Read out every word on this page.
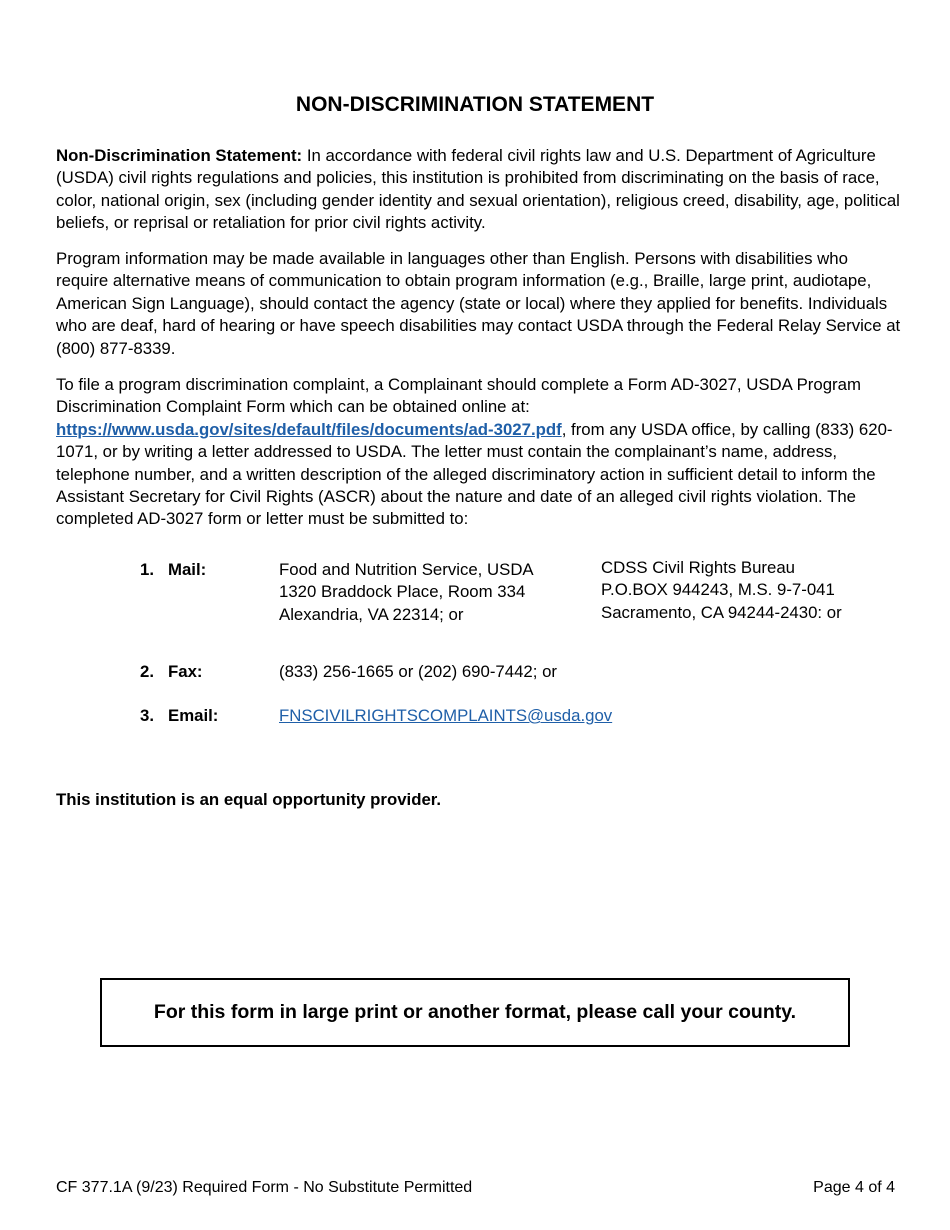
NON-DISCRIMINATION STATEMENT

Non-Discrimination Statement: In accordance with federal civil rights law and U.S. Department of Agriculture (USDA) civil rights regulations and policies, this institution is prohibited from discriminating on the basis of race, color, national origin, sex (including gender identity and sexual orientation), religious creed, disability, age, political beliefs, or reprisal or retaliation for prior civil rights activity.

Program information may be made available in languages other than English. Persons with disabilities who require alternative means of communication to obtain program information (e.g., Braille, large print, audiotape, American Sign Language), should contact the agency (state or local) where they applied for benefits. Individuals who are deaf, hard of hearing or have speech disabilities may contact USDA through the Federal Relay Service at (800) 877-8339.

To file a program discrimination complaint, a Complainant should complete a Form AD-3027, USDA Program Discrimination Complaint Form which can be obtained online at: https://www.usda.gov/sites/default/files/documents/ad-3027.pdf, from any USDA office, by calling (833) 620-1071, or by writing a letter addressed to USDA. The letter must contain the complainant’s name, address, telephone number, and a written description of the alleged discriminatory action in sufficient detail to inform the Assistant Secretary for Civil Rights (ASCR) about the nature and date of an alleged civil rights violation. The completed AD-3027 form or letter must be submitted to:

1. Mail:	Food and Nutrition Service, USDA
1320 Braddock Place, Room 334
Alexandria, VA 22314; or
CDSS Civil Rights Bureau
P.O.BOX 944243, M.S. 9-7-041
Sacramento, CA 94244-2430: or
2. Fax:	(833) 256-1665 or (202) 690-7442; or
3. Email:	FNSCIVILRIGHTSCOMPLAINTS@usda.gov
This institution is an equal opportunity provider.
For this form in large print or another format, please call your county.
CF 377.1A (9/23) Required Form - No Substitute Permitted	Page 4 of 4
